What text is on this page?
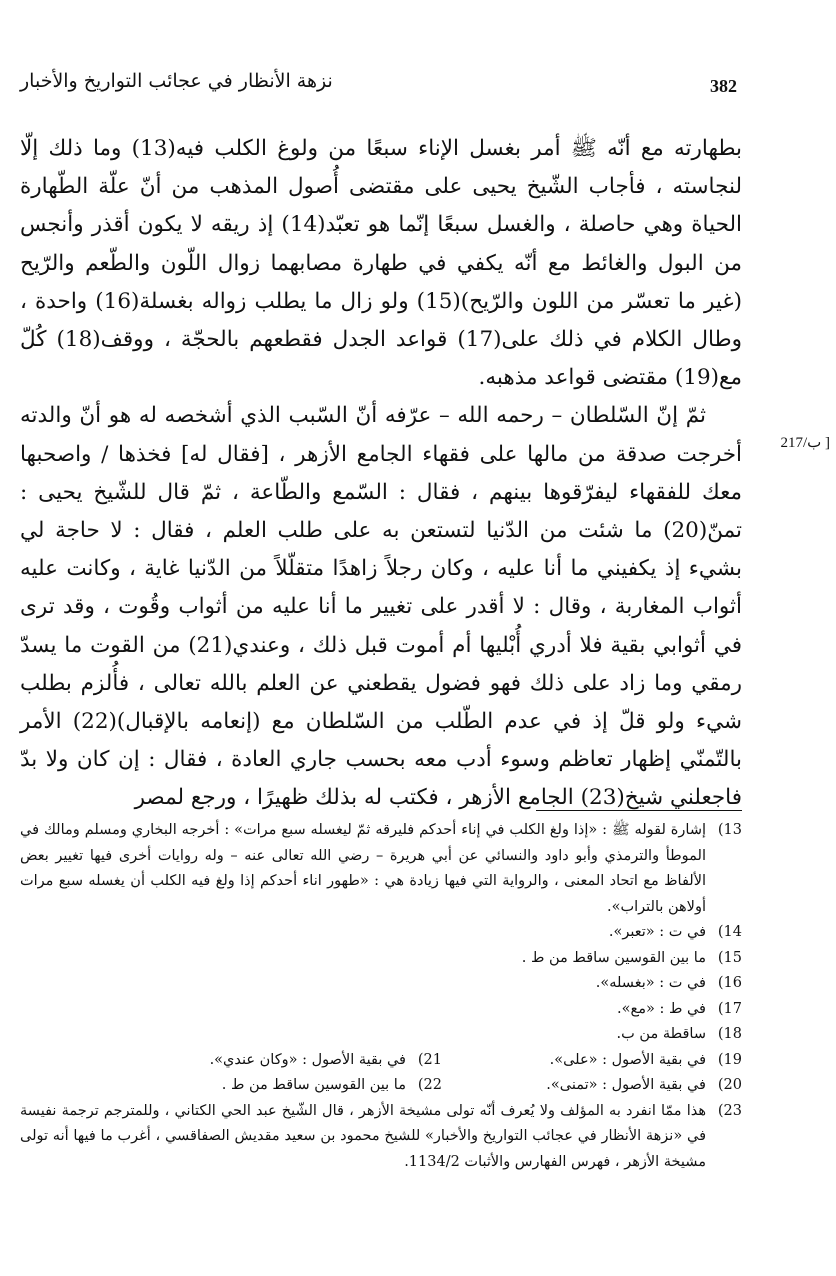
382
نزهة الأنظار في عجائب التواريخ والأخبار
217/ب ]

بطهارته مع أنّه ﷺ أمر بغسل الإناء سبعًا من ولوغ الكلب فيه(13) وما ذلك إلّا لنجاسته ، فأجاب الشّيخ يحيى على مقتضى أُصول المذهب من أنّ علّة الطّهارة الحياة وهي حاصلة ، والغسل سبعًا إنّما هو تعبّد(14) إذ ريقه لا يكون أقذر وأنجس من البول والغائط مع أنّه يكفي في طهارة مصابهما زوال اللّون والطّعم والرّيح (غير ما تعسّر من اللون والرّيح)(15) ولو زال ما يطلب زواله بغسلة(16) واحدة ، وطال الكلام في ذلك على(17) قواعد الجدل فقطعهم بالحجّة ، ووقف(18) كُلّ مع(19) مقتضى قواعد مذهبه.

ثمّ إنّ السّلطان – رحمه الله – عرّفه أنّ السّبب الذي أشخصه له هو أنّ والدته أخرجت صدقة من مالها على فقهاء الجامع الأزهر ، [فقال له] فخذها / واصحبها معك للفقهاء ليفرّقوها بينهم ، فقال : السّمع والطّاعة ، ثمّ قال للشّيخ يحيى : تمنّ(20) ما شئت من الدّنيا لتستعن به على طلب العلم ، فقال : لا حاجة لي بشيء إذ يكفيني ما أنا عليه ، وكان رجلاً زاهدًا متقلّلاً من الدّنيا غاية ، وكانت عليه أثواب المغاربة ، وقال : لا أقدر على تغيير ما أنا عليه من أثواب وقُوت ، وقد ترى في أثوابي بقية فلا أدري أُبْليها أم أموت قبل ذلك ، وعندي(21) من القوت ما يسدّ رمقي وما زاد على ذلك فهو فضول يقطعني عن العلم بالله تعالى ، فأُلزم بطلب شيء ولو قلّ إذ في عدم الطّلب من السّلطان مع (إنعامه بالإقبال)(22) الأمر بالتّمنّي إظهار تعاظم وسوء أدب معه بحسب جاري العادة ، فقال : إن كان ولا بدّ فاجعلني شيخ(23) الجامع الأزهر ، فكتب له بذلك ظهيرًا ، ورجع لمصر

13)
إشارة لقوله ﷺ : «إذا ولغ الكلب في إناء أحدكم فليرقه ثمّ ليغسله سبع مرات» : أخرجه البخاري ومسلم ومالك في الموطأ والترمذي وأبو داود والنسائي عن أبي هريرة – رضي الله تعالى عنه – وله روايات أخرى فيها تغيير بعض الألفاظ مع اتحاد المعنى ، والرواية التي فيها زيادة هي : «طهور اناء أحدكم إذا ولغ فيه الكلب أن يغسله سبع مرات أولاهن بالتراب».
14)
في ت : «تعبر».
15)
ما بين القوسين ساقط من ط .
16)
في ت : «بغسله».
17)
في ط : «مع».
18)
ساقطة من ب.
19)
في بقية الأصول : «على».
21)
في بقية الأصول : «وكان عندي».
20)
في بقية الأصول : «تمنى».
22)
ما بين القوسين ساقط من ط .
23)
هذا ممّا انفرد به المؤلف ولا يُعرف أنّه تولى مشيخة الأزهر ، قال الشّيخ عبد الحي الكتاني ، وللمترجم ترجمة نفيسة في «نزهة الأنظار في عجائب التواريخ والأخبار» للشيخ محمود بن سعيد مقديش الصفاقسي ، أغرب ما فيها أنه تولى مشيخة الأزهر ، فهرس الفهارس والأثبات 1134/2.
